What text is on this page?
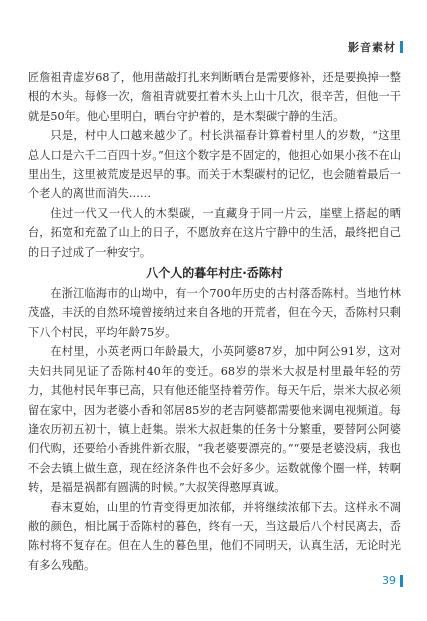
影音素材

匠詹祖青虚岁68了，他用凿敲打扎来判断晒台是需要修补，还是要换掉一整根的木头。每修一次，詹祖青就要扛着木头上山十几次，很辛苦，但他一干就是50年。他心里明白，晒台守护着的，是木梨碳宁静的生活。

只是，村中人口越来越少了。村长洪福春计算着村里人的岁数，“这里总人口是六千二百四十岁。”但这个数字是不固定的，他担心如果小孩不在山里出生，这里被荒废是迟早的事。而关于木梨碳村的记忆，也会随着最后一个老人的离世而消失……

住过一代又一代人的木梨碳，一直藏身于同一片云，崖壁上搭起的晒台，拓宽和充盈了山上的日子，不愿放弃在这片宁静中的生活，最终把自己的日子过成了一种安宁。

八个人的暮年村庄·岙陈村

在浙江临海市的山坳中，有一个700年历史的古村落岙陈村。当地竹林茂盛，丰沃的自然环境曾接纳过来自各地的开荒者，但在今天，岙陈村只剩下八个村民，平均年龄75岁。

在村里，小英老两口年龄最大，小英阿婆87岁，加中阿公91岁，这对夫妇共同见证了岙陈村40年的变迁。68岁的崇米大叔是村里最年轻的劳力，其他村民年事已高，只有他还能坚持着劳作。每天午后，崇米大叔必须留在家中，因为老婆小香和邻居85岁的老吉阿婆都需要他来调电视频道。每逢农历初五初十，镇上赶集。崇米大叔赶集的任务十分繁重，要替阿公阿婆们代购，还要给小香挑件新衣服，“我老婆要漂亮的。”“要是老婆没病，我也不会去镇上做生意，现在经济条件也不会好多少。运数就像个圈一样，转啊转，是福是祸都有圆满的时候。”大叔笑得憨厚真诚。

春末夏始，山里的竹青变得更加浓郁，并将继续浓郁下去。这样永不凋敝的颜色，相比属于岙陈村的暮色，终有一天，当这最后八个村民离去，岙陈村将不复存在。但在人生的暮色里，他们不同明天，认真生活，无论时光有多么残酷。

39
